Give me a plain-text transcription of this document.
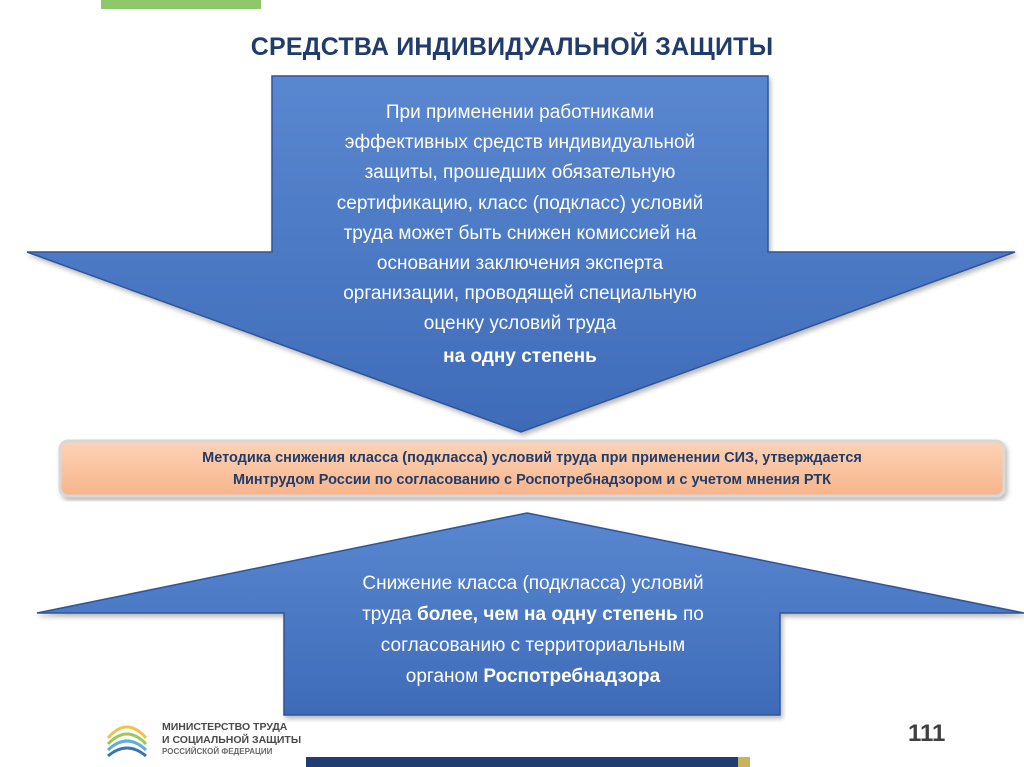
СРЕДСТВА ИНДИВИДУАЛЬНОЙ ЗАЩИТЫ
При применении работниками
эффективных средств индивидуальной
защиты, прошедших обязательную
сертификацию, класс (подкласс) условий
труда может быть снижен комиссией на
основании заключения эксперта
организации, проводящей специальную
оценку условий труда
на одну степень
Методика снижения класса (подкласса) условий труда при применении СИЗ, утверждается
Минтрудом России по согласованию с Роспотребнадзором и с учетом мнения РТК
Снижение класса (подкласса) условий
труда более, чем на одну степень по
согласованию с территориальным
органом Роспотребнадзора
МИНИСТЕРСТВО ТРУДА
И СОЦИАЛЬНОЙ ЗАЩИТЫ
РОССИЙСКОЙ ФЕДЕРАЦИИ
111
